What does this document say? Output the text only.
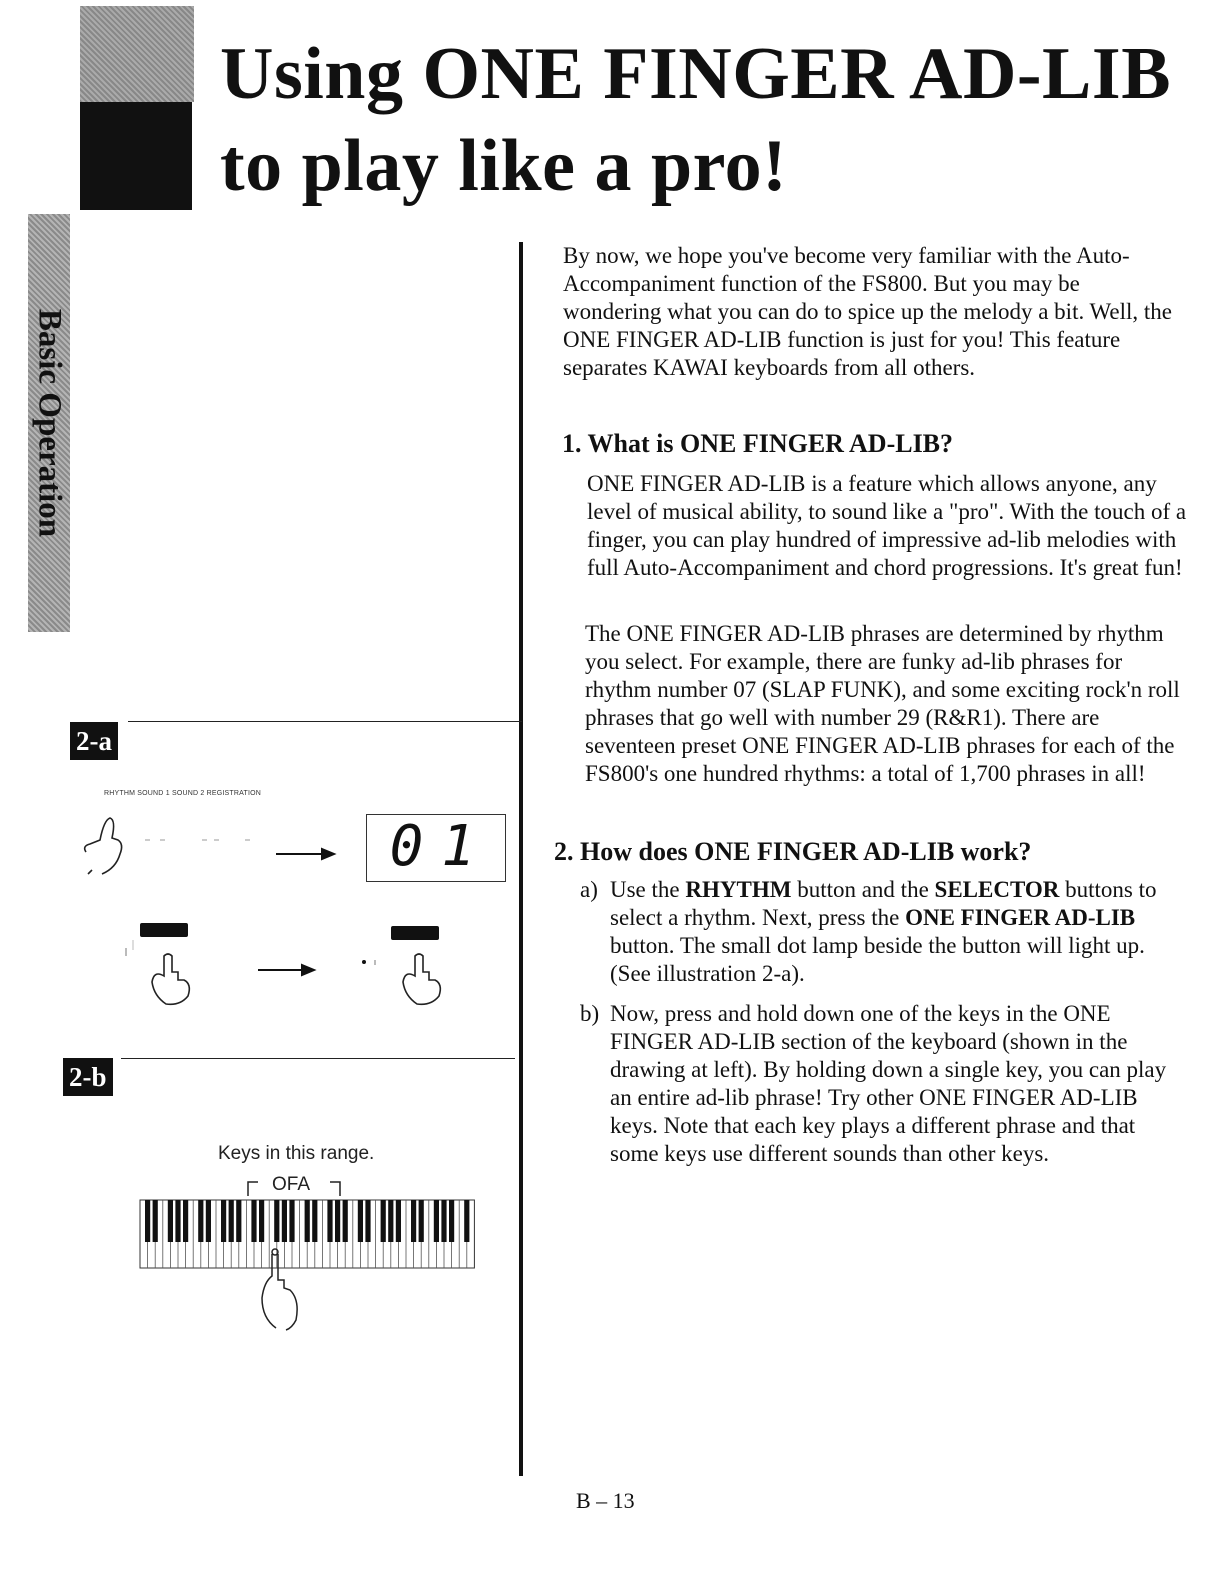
Using ONE FINGER AD-LIB
to play like a pro!
Basic Operation

By now, we hope you've become very familiar with the Auto-Accompaniment function of the FS800. But you may be wondering what you can do to spice up the melody a bit. Well, the ONE FINGER AD-LIB function is just for you! This feature separates KAWAI keyboards from all others.

1. What is ONE FINGER AD-LIB?

ONE FINGER AD-LIB is a feature which allows anyone, any level of musical ability, to sound like a "pro". With the touch of a finger, you can play hundred of impressive ad-lib melodies with full Auto-Accompaniment and chord progressions. It's great fun!

The ONE FINGER AD-LIB phrases are determined by rhythm you select. For example, there are funky ad-lib phrases for rhythm number 07 (SLAP FUNK), and some exciting rock'n roll phrases that go well with number 29 (R&R1). There are seventeen preset ONE FINGER AD-LIB phrases for each of the FS800's one hundred rhythms: a total of 1,700 phrases in all!

2. How does ONE FINGER AD-LIB work?
a) Use the RHYTHM button and the SELECTOR buttons to select a rhythm. Next, press the ONE FINGER AD-LIB button. The small dot lamp beside the button will light up. (See illustration 2-a).
b) Now, press and hold down one of the keys in the ONE FINGER AD-LIB section of the keyboard (shown in the drawing at left). By holding down a single key, you can play an entire ad-lib phrase! Try other ONE FINGER AD-LIB keys. Note that each key plays a different phrase and that some keys use different sounds than other keys.
B – 13
2-a
RHYTHM SOUND 1 SOUND 2 REGISTRATION
01
2-b
Keys in this range.
OFA
